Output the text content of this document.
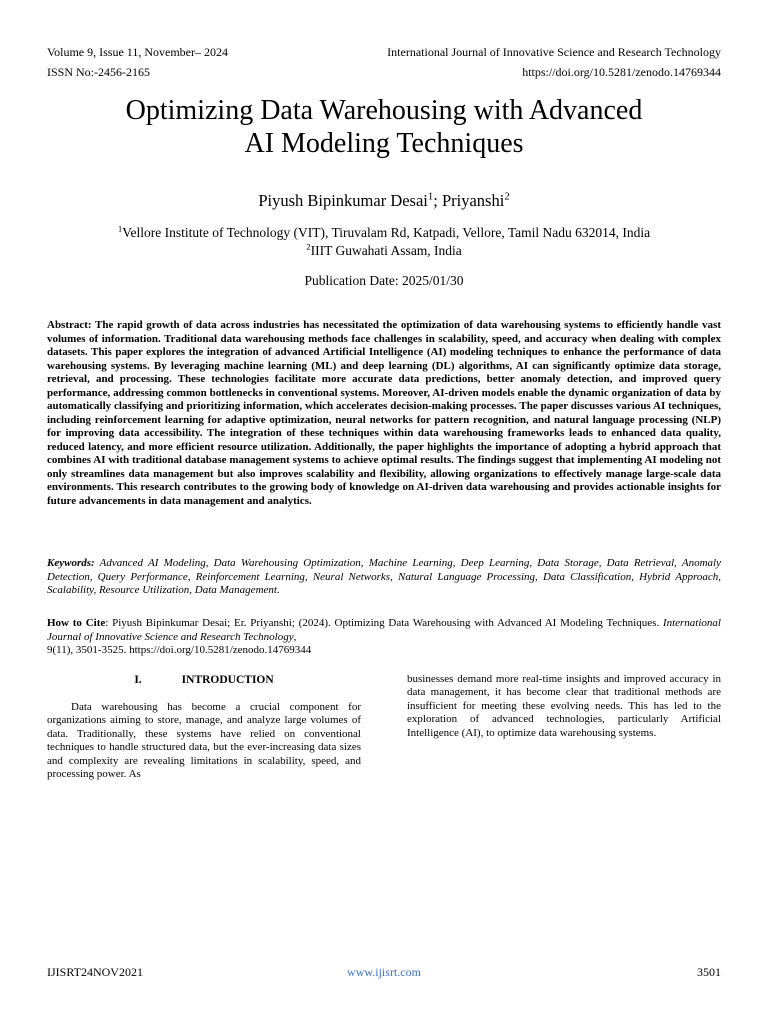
Volume 9, Issue 11, November– 2024	International Journal of Innovative Science and Research Technology
ISSN No:-2456-2165	https://doi.org/10.5281/zenodo.14769344
Optimizing Data Warehousing with Advanced
AI Modeling Techniques
Piyush Bipinkumar Desai$^1$; Priyanshi$^2$
$^1$Vellore Institute of Technology (VIT), Tiruvalam Rd, Katpadi, Vellore, Tamil Nadu 632014, India
$^2$IIIT Guwahati Assam, India
Publication Date: 2025/01/30

Abstract: The rapid growth of data across industries has necessitated the optimization of data warehousing systems to efficiently handle vast volumes of information. Traditional data warehousing methods face challenges in scalability, speed, and accuracy when dealing with complex datasets. This paper explores the integration of advanced Artificial Intelligence (AI) modeling techniques to enhance the performance of data warehousing systems. By leveraging machine learning (ML) and deep learning (DL) algorithms, AI can significantly optimize data storage, retrieval, and processing. These technologies facilitate more accurate data predictions, better anomaly detection, and improved query performance, addressing common bottlenecks in conventional systems. Moreover, AI-driven models enable the dynamic organization of data by automatically classifying and prioritizing information, which accelerates decision-making processes. The paper discusses various AI techniques, including reinforcement learning for adaptive optimization, neural networks for pattern recognition, and natural language processing (NLP) for improving data accessibility. The integration of these techniques within data warehousing frameworks leads to enhanced data quality, reduced latency, and more efficient resource utilization. Additionally, the paper highlights the importance of adopting a hybrid approach that combines AI with traditional database management systems to achieve optimal results. The findings suggest that implementing AI modeling not only streamlines data management but also improves scalability and flexibility, allowing organizations to effectively manage large-scale data environments. This research contributes to the growing body of knowledge on AI-driven data warehousing and provides actionable insights for future advancements in data management and analytics.

Keywords: Advanced AI Modeling, Data Warehousing Optimization, Machine Learning, Deep Learning, Data Storage, Data Retrieval, Anomaly Detection, Query Performance, Reinforcement Learning, Neural Networks, Natural Language Processing, Data Classification, Hybrid Approach, Scalability, Resource Utilization, Data Management.

How to Cite: Piyush Bipinkumar Desai; Er. Priyanshi; (2024). Optimizing Data Warehousing with Advanced AI Modeling Techniques. International Journal of Innovative Science and Research Technology,
9(11), 3501-3525. https://doi.org/10.5281/zenodo.14769344

I.	INTRODUCTION

Data warehousing has become a crucial component for organizations aiming to store, manage, and analyze large volumes of data. Traditionally, these systems have relied on conventional techniques to handle structured data, but the ever-increasing data sizes and complexity are revealing limitations in scalability, speed, and processing power. As

businesses demand more real-time insights and improved accuracy in data management, it has become clear that traditional methods are insufficient for meeting these evolving needs. This has led to the exploration of advanced technologies, particularly Artificial Intelligence (AI), to optimize data warehousing systems.

IJISRT24NOV2021	www.ijisrt.com	3501
